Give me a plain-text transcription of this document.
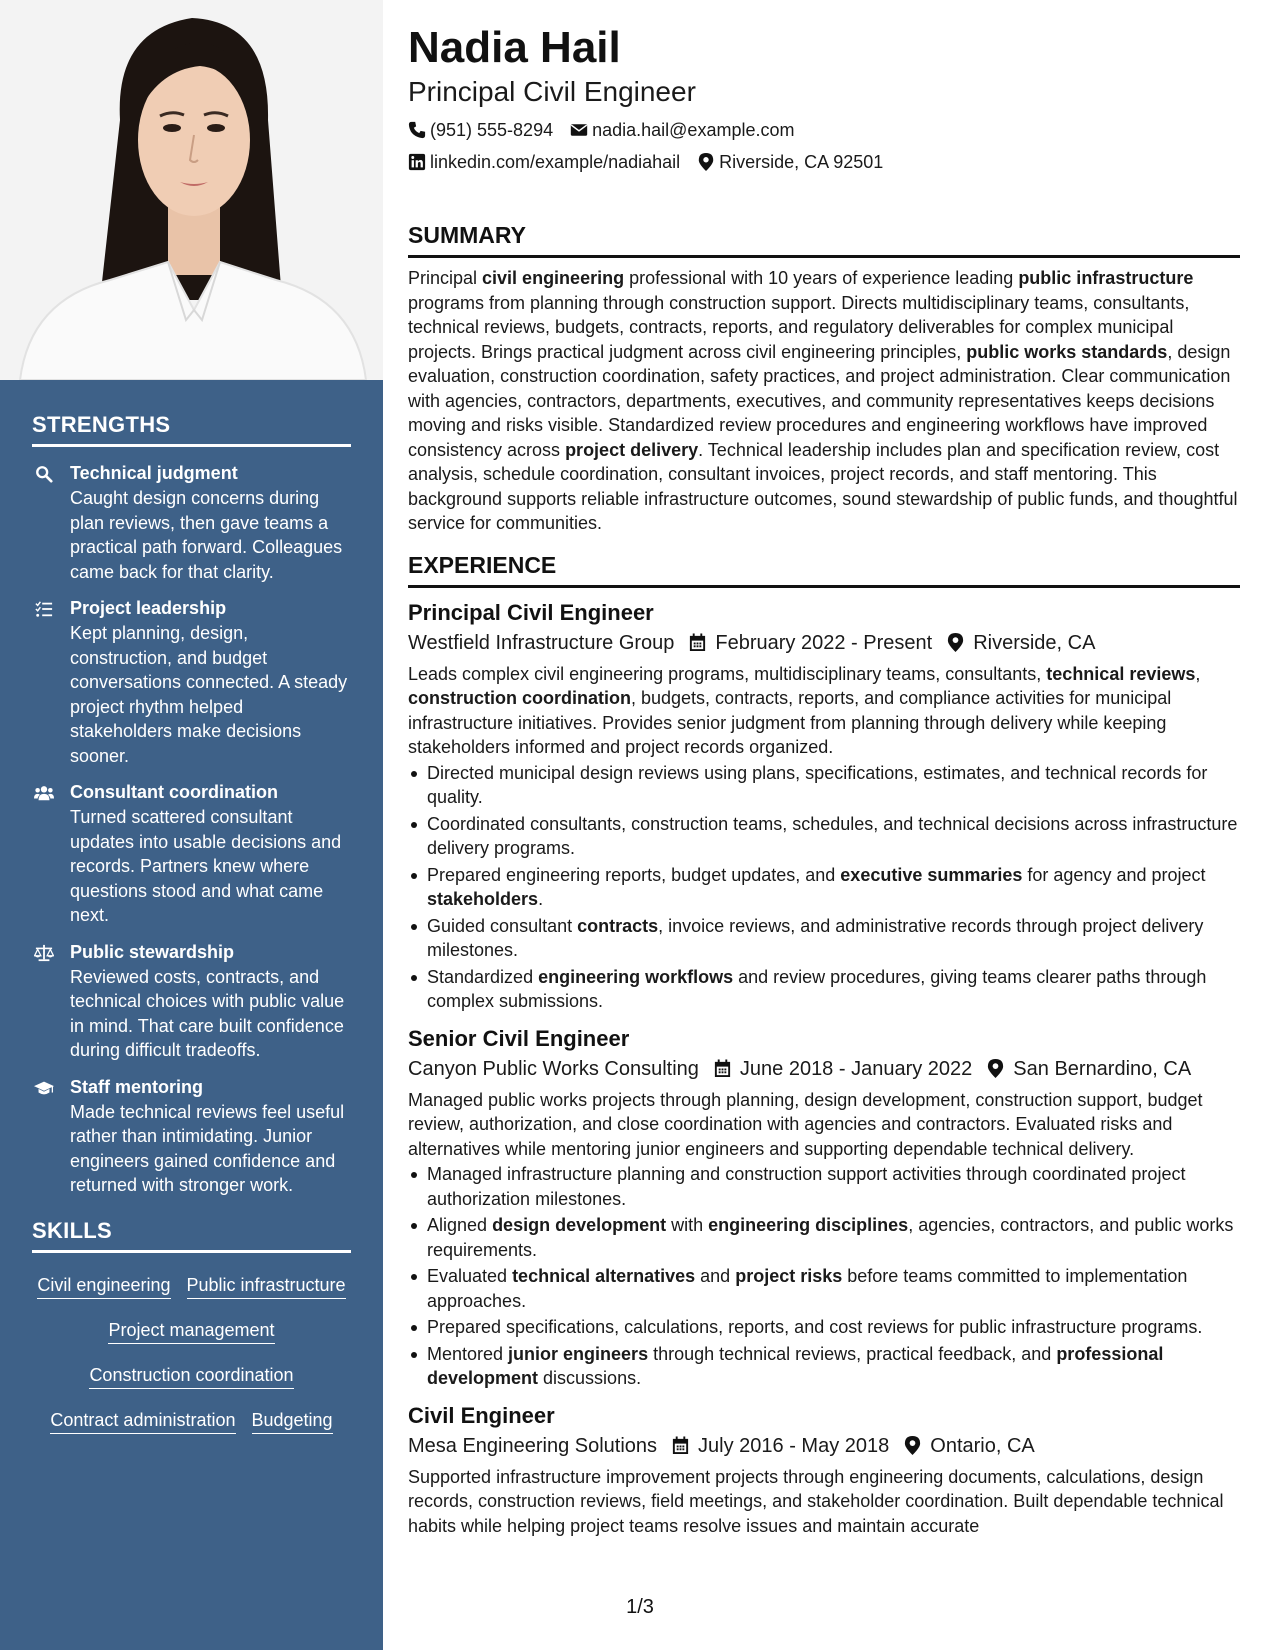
STRENGTHS
Technical judgment
Caught design concerns during plan reviews, then gave teams a practical path forward. Colleagues came back for that clarity.
Project leadership
Kept planning, design, construction, and budget conversations connected. A steady project rhythm helped stakeholders make decisions sooner.
Consultant coordination
Turned scattered consultant updates into usable decisions and records. Partners knew where questions stood and what came next.
Public stewardship
Reviewed costs, contracts, and technical choices with public value in mind. That care built confidence during difficult tradeoffs.
Staff mentoring
Made technical reviews feel useful rather than intimidating. Junior engineers gained confidence and returned with stronger work.
SKILLS
Civil engineering Public infrastructure
Project management
Construction coordination
Contract administration Budgeting
Nadia Hail
Principal Civil Engineer
(951) 555-8294 nadia.hail@example.com
linkedin.com/example/nadiahail Riverside, CA 92501
SUMMARY

Principal civil engineering professional with 10 years of experience leading public infrastructure programs from planning through construction support. Directs multidisciplinary teams, consultants, technical reviews, budgets, contracts, reports, and regulatory deliverables for complex municipal projects. Brings practical judgment across civil engineering principles, public works standards, design evaluation, construction coordination, safety practices, and project administration. Clear communication with agencies, contractors, departments, executives, and community representatives keeps decisions moving and risks visible. Standardized review procedures and engineering workflows have improved consistency across project delivery. Technical leadership includes plan and specification review, cost analysis, schedule coordination, consultant invoices, project records, and staff mentoring. This background supports reliable infrastructure outcomes, sound stewardship of public funds, and thoughtful service for communities.

EXPERIENCE
Principal Civil Engineer
Westfield Infrastructure Group February 2022 - Present Riverside, CA

Leads complex civil engineering programs, multidisciplinary teams, consultants, technical reviews, construction coordination, budgets, contracts, reports, and compliance activities for municipal infrastructure initiatives. Provides senior judgment from planning through delivery while keeping stakeholders informed and project records organized.

Directed municipal design reviews using plans, specifications, estimates, and technical records for quality.
Coordinated consultants, construction teams, schedules, and technical decisions across infrastructure delivery programs.
Prepared engineering reports, budget updates, and executive summaries for agency and project stakeholders.
Guided consultant contracts, invoice reviews, and administrative records through project delivery milestones.
Standardized engineering workflows and review procedures, giving teams clearer paths through complex submissions.
Senior Civil Engineer
Canyon Public Works Consulting June 2018 - January 2022 San Bernardino, CA

Managed public works projects through planning, design development, construction support, budget review, authorization, and close coordination with agencies and contractors. Evaluated risks and alternatives while mentoring junior engineers and supporting dependable technical delivery.

Managed infrastructure planning and construction support activities through coordinated project authorization milestones.
Aligned design development with engineering disciplines, agencies, contractors, and public works requirements.
Evaluated technical alternatives and project risks before teams committed to implementation approaches.
Prepared specifications, calculations, reports, and cost reviews for public infrastructure programs.
Mentored junior engineers through technical reviews, practical feedback, and professional development discussions.
Civil Engineer
Mesa Engineering Solutions July 2016 - May 2018 Ontario, CA

Supported infrastructure improvement projects through engineering documents, calculations, design records, construction reviews, field meetings, and stakeholder coordination. Built dependable technical habits while helping project teams resolve issues and maintain accurate

1/3
